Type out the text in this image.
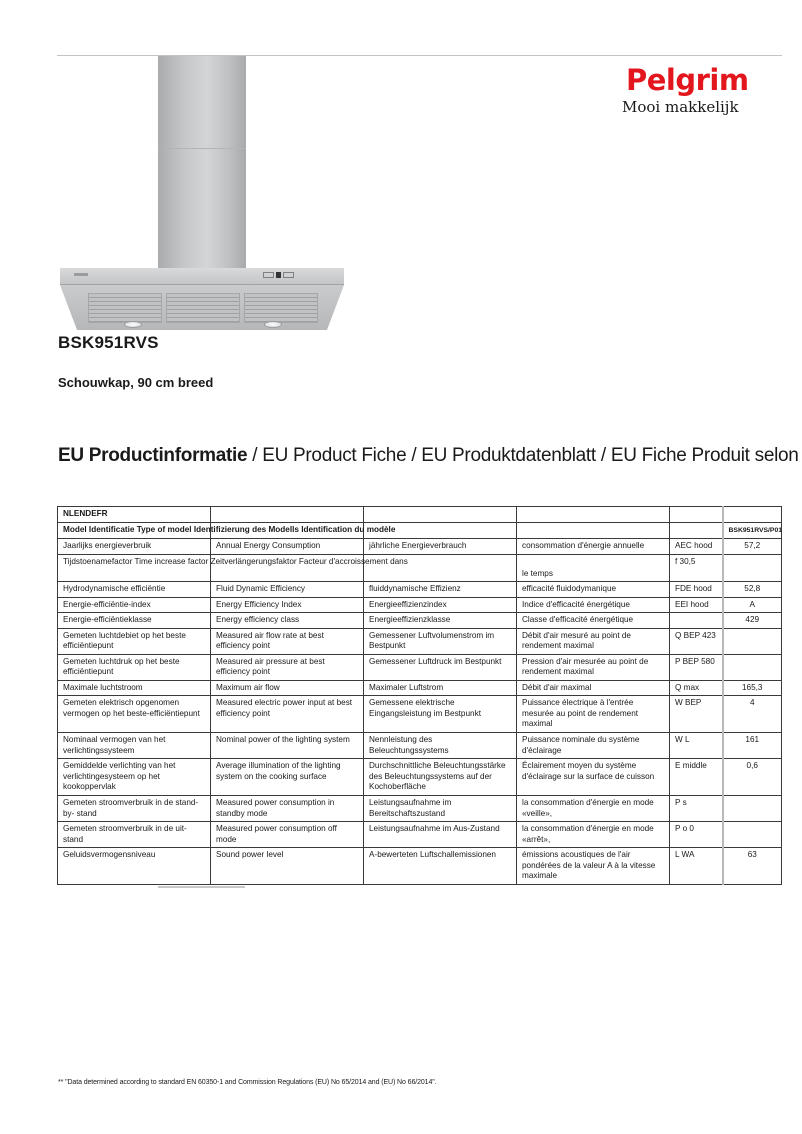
Pelgrim
Mooi makkelijk
BSK951RVS
Schouwkap, 90 cm breed
EU Productinformatie / EU Product Fiche / EU Produktdatenblatt / EU Fiche Produit selon
NLENDEFR					
Model Identificatie Type of model Identifizierung des Modells Identification du modèle					BSK951RVS/P01
Jaarlijks energieverbruik	Annual Energy Consumption	jährliche Energieverbrauch	consommation d'énergie annuelle	AEC hood	57,2
Tijdstoenamefactor Time increase factor Zeitverlängerungsfaktor Facteur d'accroissement dans			le temps	f 30,5	
Hydrodynamische efficiëntie	Fluid Dynamic Efficiency	fluiddynamische Effizienz	efficacité fluidodymanique	FDE hood	52,8
Energie-efficiëntie-index	Energy Efficiency Index	Energieeffizienzindex	Indice d'efficacité énergétique	EEI hood	A
Energie-efficiëntieklasse	Energy efficiency class	Energieeffizienzklasse	Classe d'efficacité énergétique		429
Gemeten luchtdebiet op het beste efficiëntiepunt	Measured air flow rate at best efficiency point	Gemessener Luftvolumenstrom im Bestpunkt	Débit d'air mesuré au point de rendement maximal	Q BEP 423	
Gemeten luchtdruk op het beste efficiëntiepunt	Measured air pressure at best efficiency point	Gemessener Luftdruck im Bestpunkt	Pression d'air mesurée au point de rendement maximal	P BEP 580	
Maximale luchtstroom	Maximum air flow	Maximaler Luftstrom	Débit d'air maximal	Q max	165,3
Gemeten elektrisch opgenomen vermogen op het beste-efficiëntiepunt	Measured electric power input at best efficiency point	Gemessene elektrische Eingangsleistung im Bestpunkt	Puissance électrique à l'entrée mesurée au point de rendement maximal	W BEP	4
Nominaal vermogen van het verlichtingssysteem	Nominal power of the lighting system	Nennleistung des Beleuchtungssystems	Puissance nominale du système d'éclairage	W L	161
Gemiddelde verlichting van het verlichtingesysteem op het kookoppervlak	Average illumination of the lighting system on the cooking surface	Durchschnittliche Beleuchtungsstärke des Beleuchtungssystems auf der Kochoberfläche	Éclairement moyen du système d'éclairage sur la surface de cuisson	E middle	0,6
Gemeten stroomverbruik in de stand-by- stand	Measured power consumption in standby mode	Leistungsaufnahme im Bereitschaftszustand	la consommation d'énergie en mode «veille»,	P s	
Gemeten stroomverbruik in de uit-stand	Measured power consumption off mode	Leistungsaufnahme im Aus-Zustand	la consommation d'énergie en mode «arrêt»,	P o 0	
Geluidsvermogensniveau	Sound power level	A-bewerteten Luftschallemissionen	émissions acoustiques de l'air pondérées de la valeur A à la vitesse maximale	L WA	63
** "Data determined according to standard EN 60350-1 and Commission Regulations (EU) No 65/2014 and (EU) No 66/2014".
